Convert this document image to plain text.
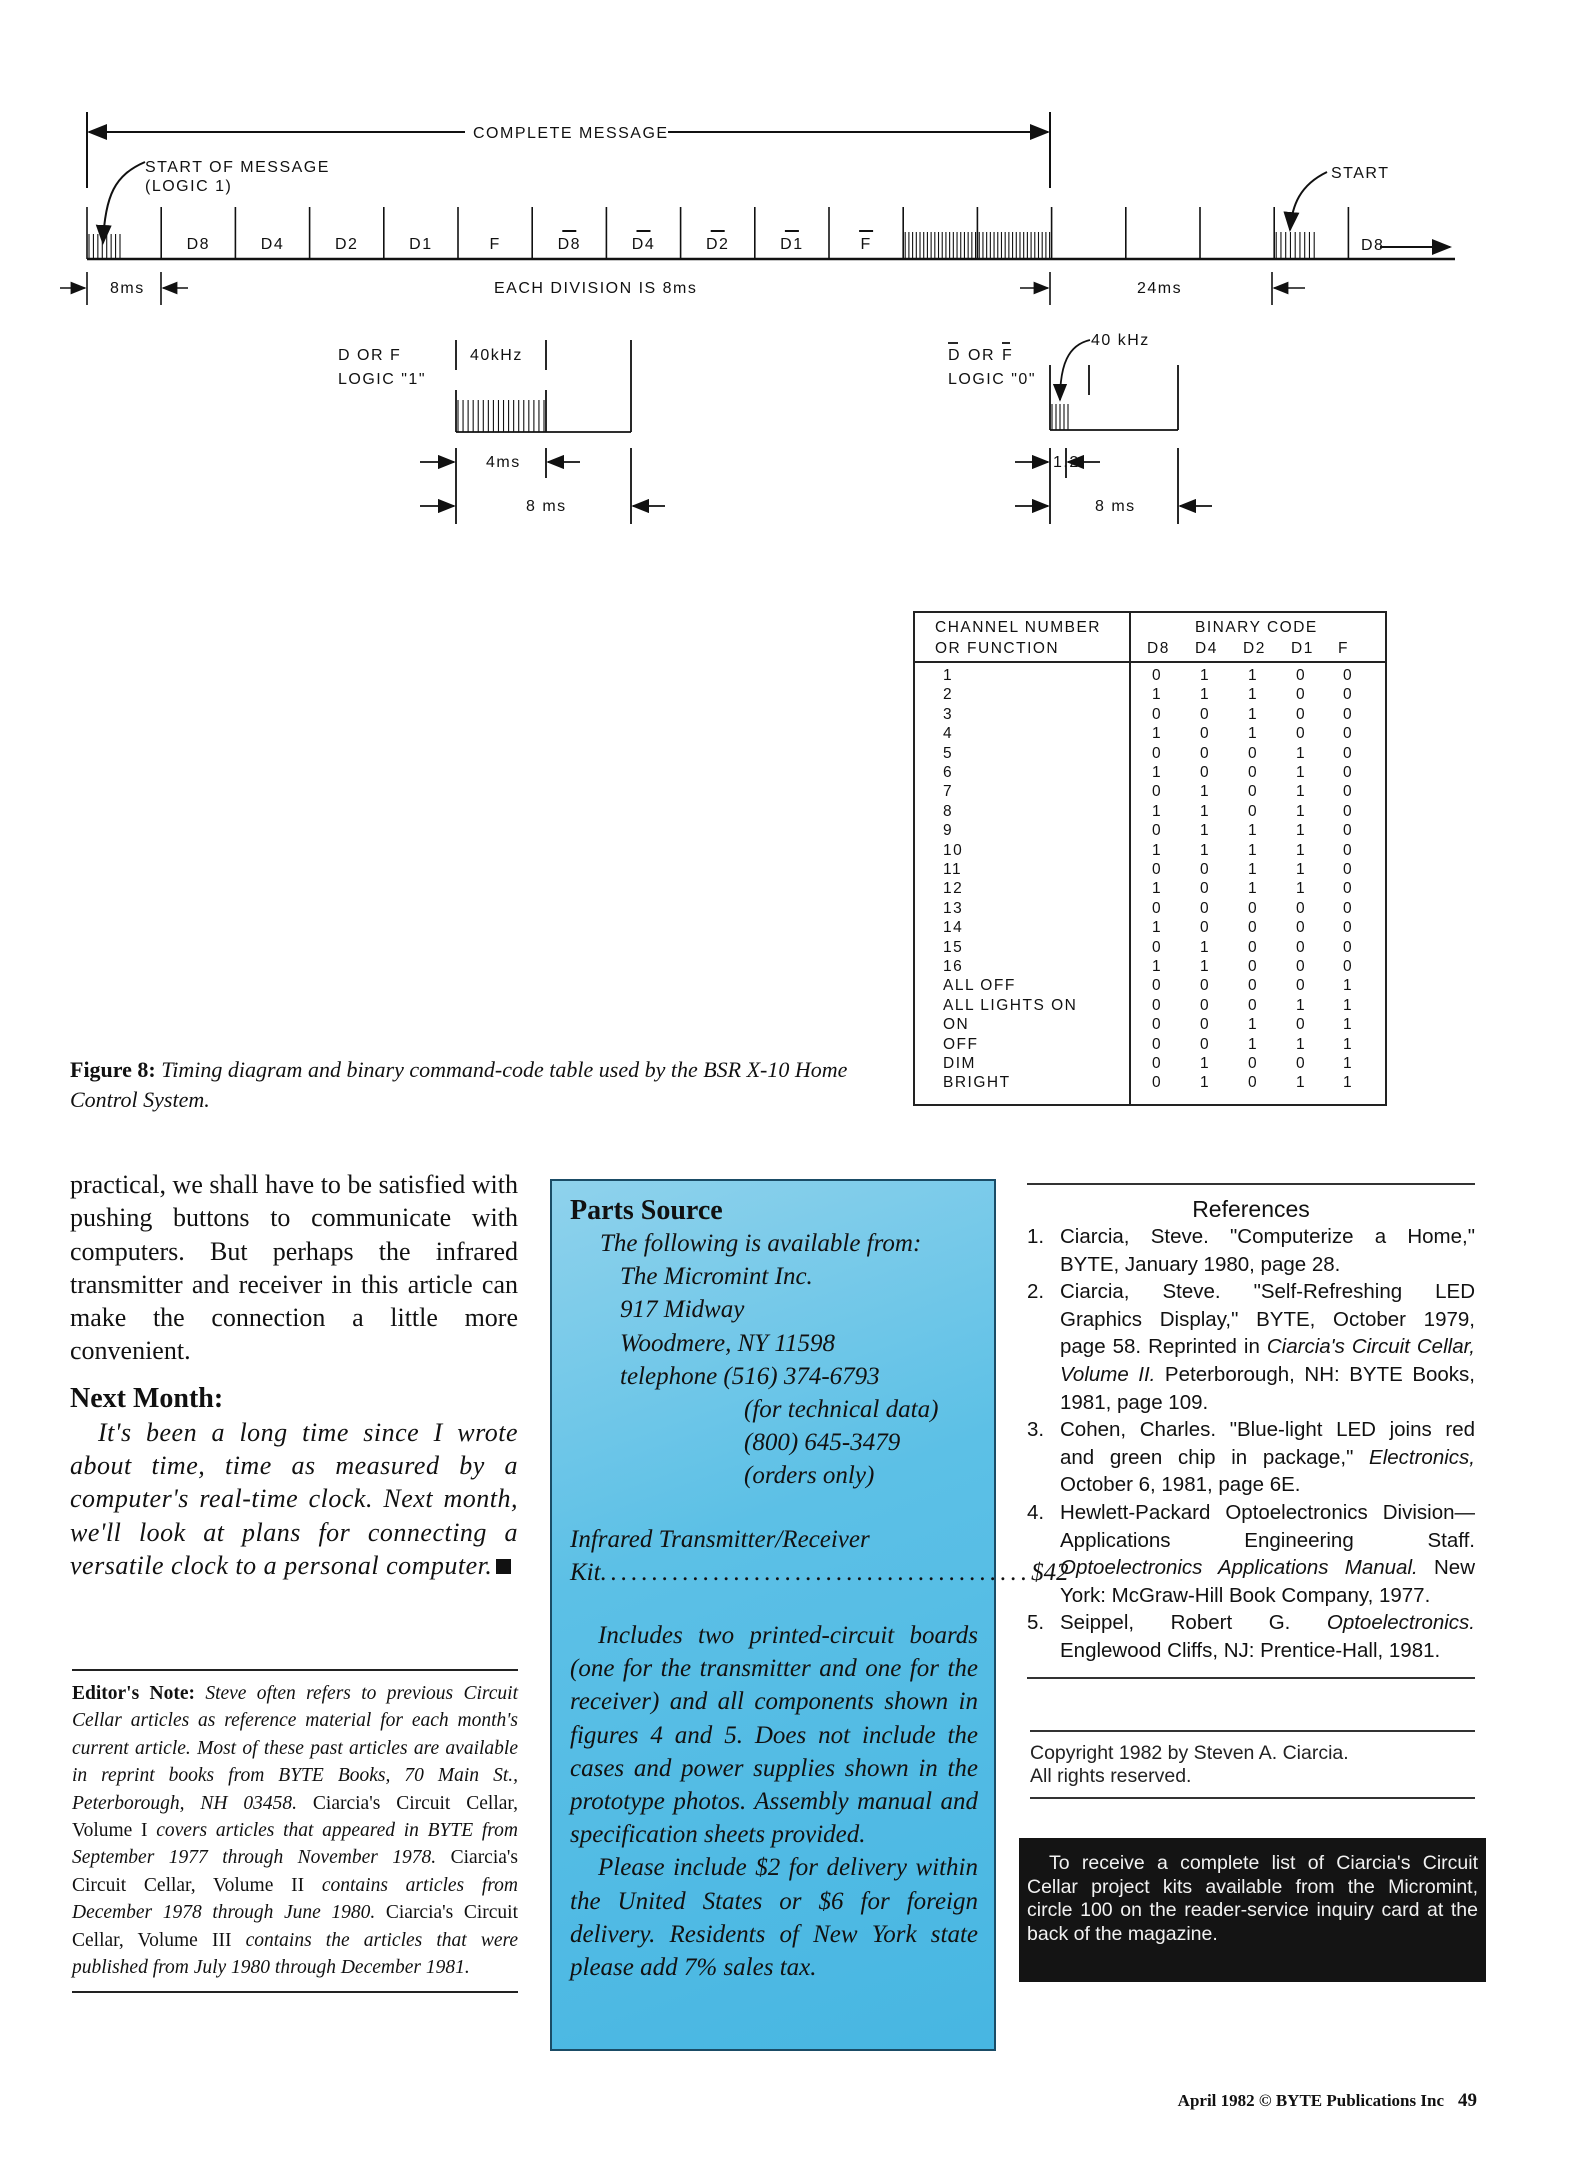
COMPLETE MESSAGE
START OF MESSAGE
(LOGIC 1)
START
D8	D4	D2	D1	F	D8	D4	D2	D1	F	D8
8ms	EACH DIVISION IS 8ms	24ms
D OR F
LOGIC "1"
40kHz
4ms
8 ms
D OR F
LOGIC "0"
40 kHz
1.2
8 ms
CHANNEL NUMBER
OR FUNCTION
BINARY CODE
D8 D4 D2 D1 F
1	0 1 1 0 0
2	1 1 1 0 0
3	0 0 1 0 0
4	1 0 1 0 0
5	0 0 0 1 0
6	1 0 0 1 0
7	0 1 0 1 0
8	1 1 0 1 0
9	0 1 1 1 0
10	1 1 1 1 0
11	0 0 1 1 0
12	1 0 1 1 0
13	0 0 0 0 0
14	1 0 0 0 0
15	0 1 0 0 0
16	1 1 0 0 0
ALL OFF	0 0 0 0 1
ALL LIGHTS ON	0 0 0 1 1
ON	0 0 1 0 1
OFF	0 0 1 1 1
DIM	0 1 0 0 1
BRIGHT	0 1 0 1 1
Figure 8: Timing diagram and binary command-code table used by the BSR X-10 Home Control System.

practical, we shall have to be satisfied with pushing buttons to communicate with computers. But perhaps the infrared transmitter and receiver in this article can make the connection a little more convenient.

Next Month:

It's been a long time since I wrote about time, time as measured by a computer's real-time clock. Next month, we'll look at plans for connecting a versatile clock to a personal computer.

Editor's Note: Steve often refers to previous Circuit Cellar articles as reference material for each month's current article. Most of these past articles are available in reprint books from BYTE Books, 70 Main St., Peterborough, NH 03458. Ciarcia's Circuit Cellar, Volume I covers articles that appeared in BYTE from September 1977 through November 1978. Ciarcia's Circuit Cellar, Volume II contains articles from December 1978 through June 1980. Ciarcia's Circuit Cellar, Volume III contains the articles that were published from July 1980 through December 1981.
Parts Source
The following is available from:
The Micromint Inc.
917 Midway
Woodmere, NY 11598
telephone (516) 374-6793
(for technical data)
(800) 645-3479
(orders only)
Infrared Transmitter/Receiver
Kit .......................................... $42
Includes two printed-circuit boards (one for the transmitter and one for the receiver) and all components shown in figures 4 and 5. Does not include the cases and power supplies shown in the prototype photos. Assembly manual and specification sheets provided.
Please include $2 for delivery within the United States or $6 for foreign delivery. Residents of New York state please add 7% sales tax.
References
1. Ciarcia, Steve. "Computerize a Home," BYTE, January 1980, page 28.
2. Ciarcia, Steve. "Self-Refreshing LED Graphics Display," BYTE, October 1979, page 58. Reprinted in Ciarcia's Circuit Cellar, Volume II. Peterborough, NH: BYTE Books, 1981, page 109.
3. Cohen, Charles. "Blue-light LED joins red and green chip in package," Electronics, October 6, 1981, page 6E.
4. Hewlett-Packard Optoelectronics Division—Applications Engineering Staff. Optoelectronics Applications Manual. New York: McGraw-Hill Book Company, 1977.
5. Seippel, Robert G. Optoelectronics. Englewood Cliffs, NJ: Prentice-Hall, 1981.
Copyright 1982 by Steven A. Ciarcia.
All rights reserved.
To receive a complete list of Ciarcia's Circuit Cellar project kits available from the Micromint, circle 100 on the reader-service inquiry card at the back of the magazine.
April 1982 © BYTE Publications Inc 49
